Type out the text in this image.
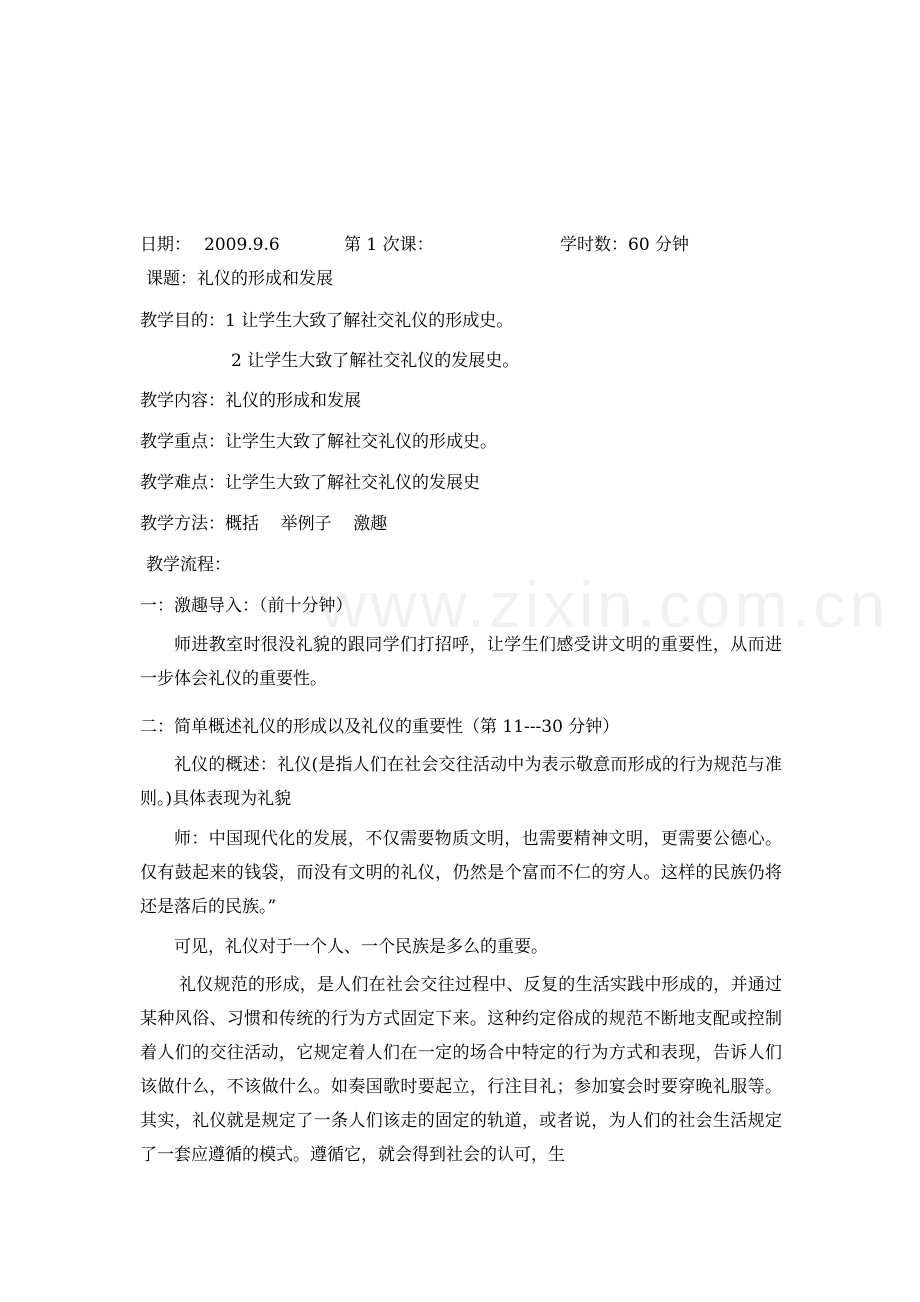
www.zixin.com.cn
日期： 2009.9.6	第 1 次课：	学时数：60 分钟
课题：礼仪的形成和发展
教学目的：1 让学生大致了解社交礼仪的形成史。
2 让学生大致了解社交礼仪的发展史。
教学内容：礼仪的形成和发展
教学重点：让学生大致了解社交礼仪的形成史。
教学难点：让学生大致了解社交礼仪的发展史
教学方法：概括    举例子    激趣
教学流程：
一：激趣导入：（前十分钟）
师进教室时很没礼貌的跟同学们打招呼，让学生们感受讲文明的重要性，从而进一步体会礼仪的重要性。
二：简单概述礼仪的形成以及礼仪的重要性（第 11---30 分钟）
礼仪的概述：礼仪(是指人们在社会交往活动中为表示敬意而形成的行为规范与准则。)具体表现为礼貌
师：中国现代化的发展，不仅需要物质文明，也需要精神文明，更需要公德心。仅有鼓起来的钱袋，而没有文明的礼仪，仍然是个富而不仁的穷人。这样的民族仍将还是落后的民族。”
可见，礼仪对于一个人、一个民族是多么的重要。
礼仪规范的形成，是人们在社会交往过程中、反复的生活实践中形成的，并通过某种风俗、习惯和传统的行为方式固定下来。这种约定俗成的规范不断地支配或控制着人们的交往活动，它规定着人们在一定的场合中特定的行为方式和表现，告诉人们该做什么，不该做什么。如奏国歌时要起立，行注目礼；参加宴会时要穿晚礼服等。其实，礼仪就是规定了一条人们该走的固定的轨道，或者说，为人们的社会生活规定了一套应遵循的模式。遵循它，就会得到社会的认可，生
